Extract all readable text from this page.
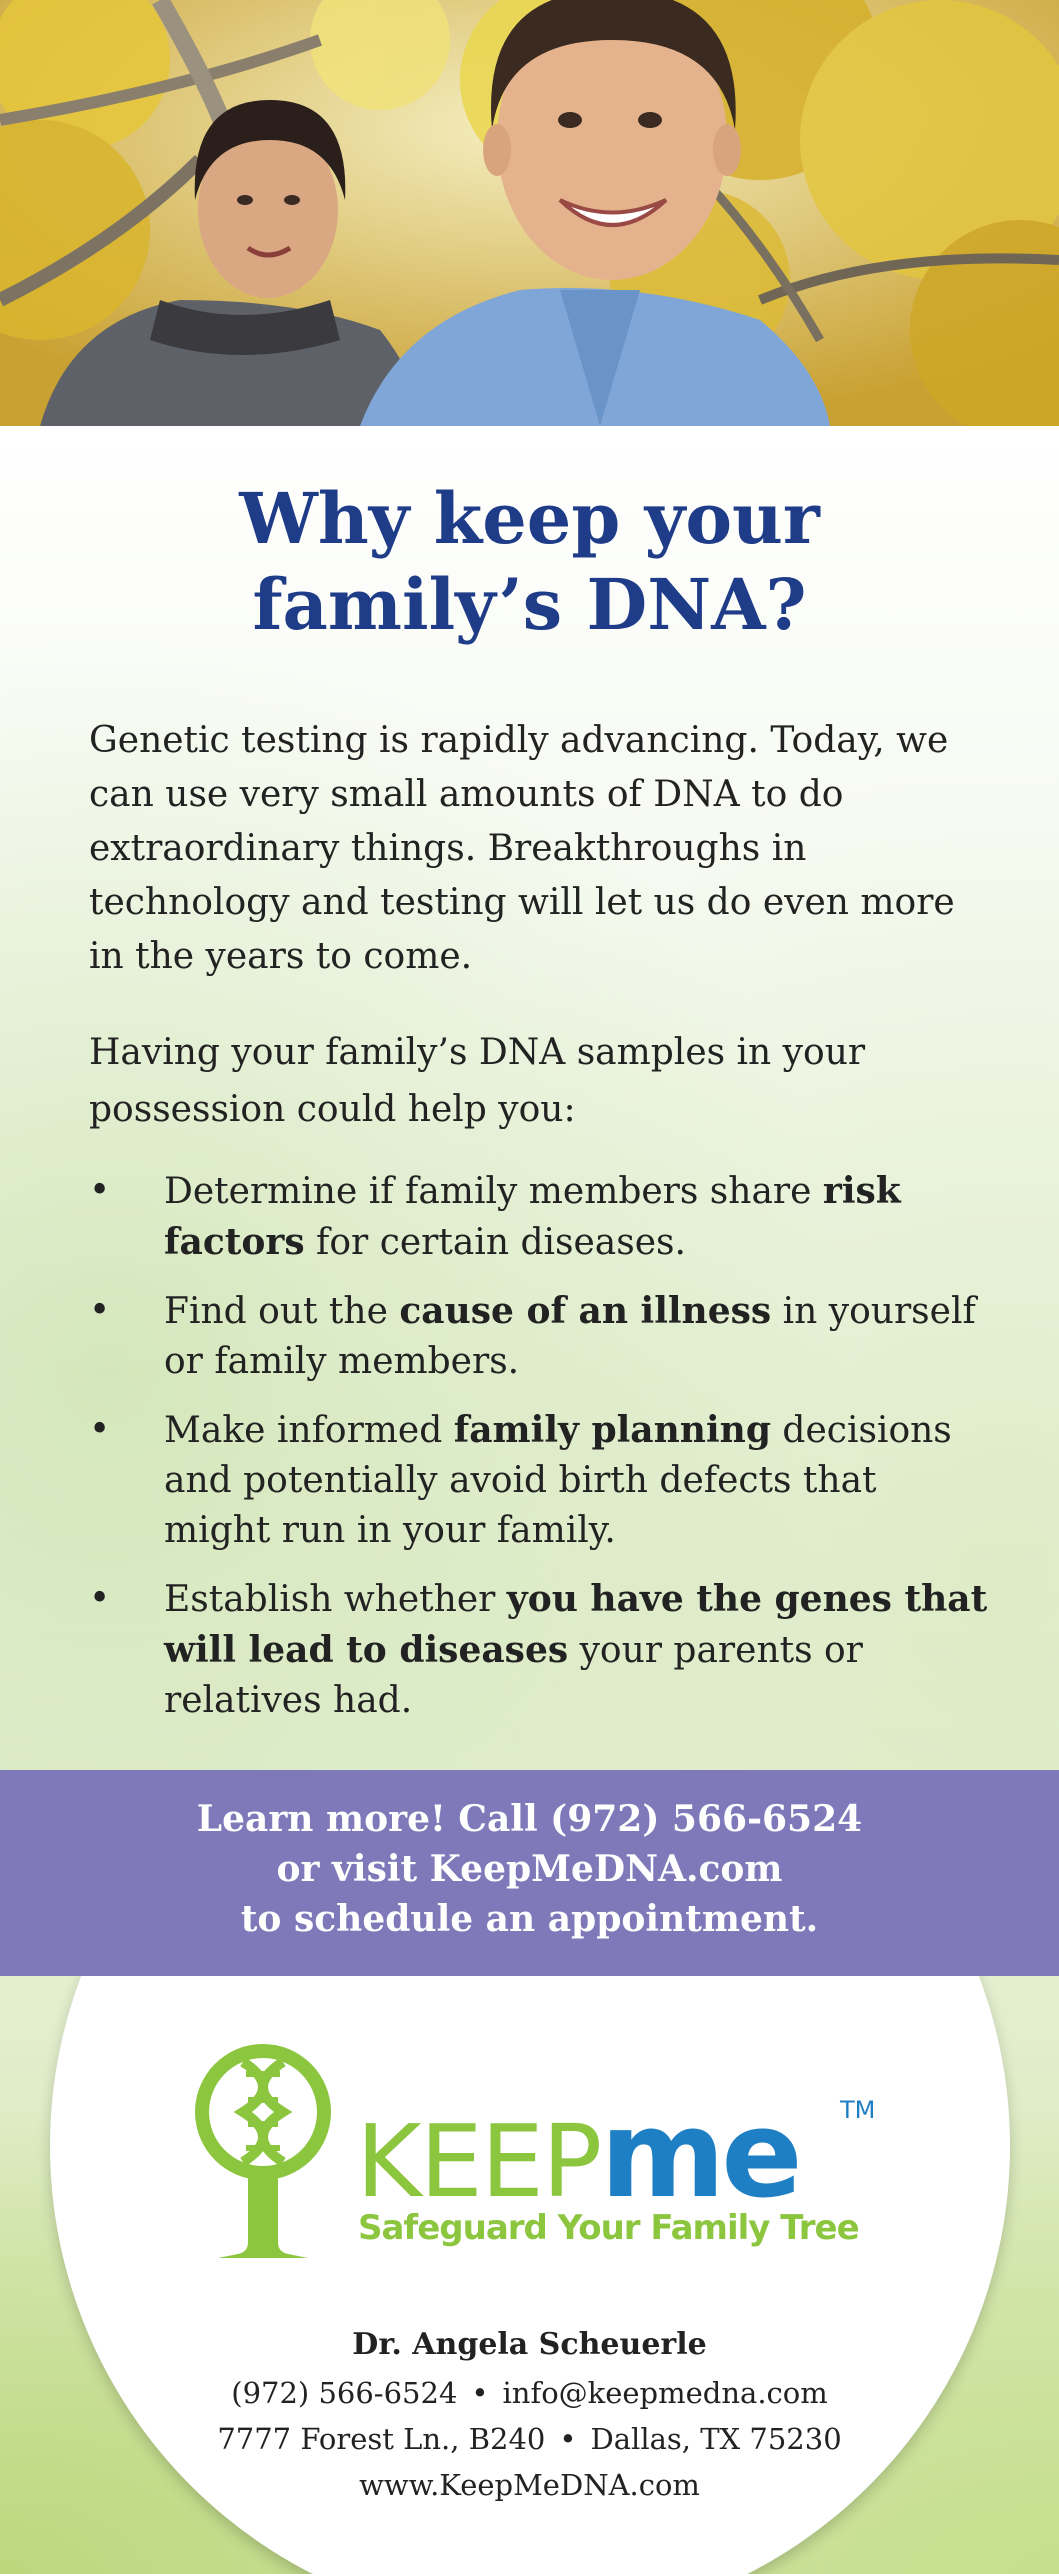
Why keep your
family’s DNA?

Genetic testing is rapidly advancing. Today, we can use very small amounts of DNA to do extraordinary things. Breakthroughs in technology and testing will let us do even more in the years to come.

Having your family’s DNA samples in your possession could help you:

• Determine if family members share risk factors for certain diseases.
• Find out the cause of an illness in yourself or family members.
• Make informed family planning decisions and potentially avoid birth defects that might run in your family.
• Establish whether you have the genes that will lead to diseases your parents or relatives had.
Learn more! Call (972) 566-6524
or visit KeepMeDNA.com
to schedule an appointment.
KEEPme TM
Safeguard Your Family Tree
Dr. Angela Scheuerle
(972) 566-6524 • info@keepmedna.com
7777 Forest Ln., B240 • Dallas, TX 75230
www.KeepMeDNA.com
